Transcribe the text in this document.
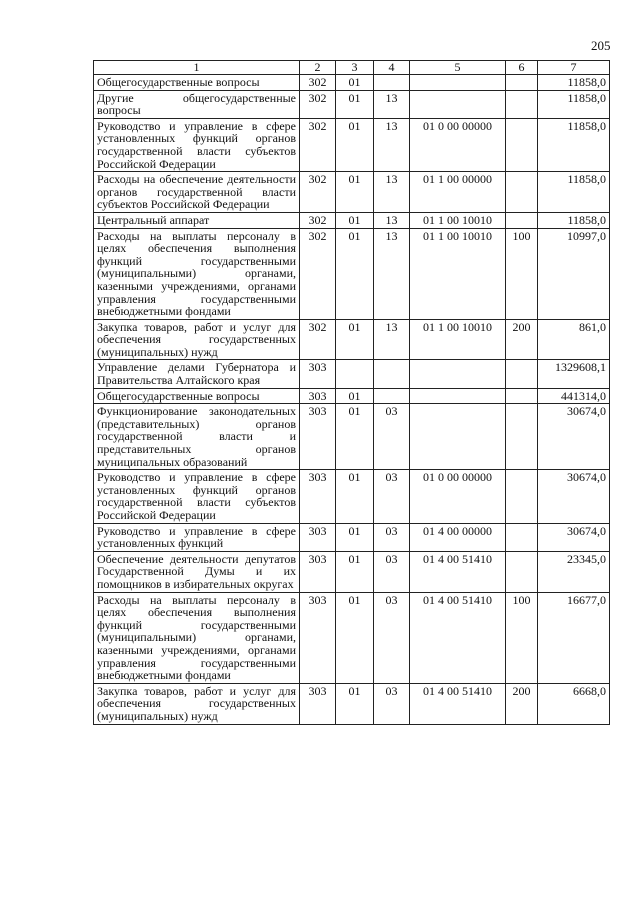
205
1	2	3	4	5	6	7
Общегосударственные вопросы	302	01				11858,0
Другие общегосударственные вопросы	302	01	13			11858,0
Руководство и управление в сфере установленных функций органов государственной власти субъектов Российской Федерации	302	01	13	01 0 00 00000		11858,0
Расходы на обеспечение деятельности органов государственной власти субъектов Российской Федерации	302	01	13	01 1 00 00000		11858,0
Центральный аппарат	302	01	13	01 1 00 10010		11858,0
Расходы на выплаты персоналу в целях обеспечения выполнения функций государственными (муниципальными) органами, казенными учреждениями, органами управления государственными внебюджетными фондами	302	01	13	01 1 00 10010	100	10997,0
Закупка товаров, работ и услуг для обеспечения государственных (муниципальных) нужд	302	01	13	01 1 00 10010	200	861,0
Управление делами Губернатора и Правительства Алтайского края	303					1329608,1
Общегосударственные вопросы	303	01				441314,0
Функционирование законодательных (представительных) органов государственной власти и представительных органов муниципальных образований	303	01	03			30674,0
Руководство и управление в сфере установленных функций органов государственной власти субъектов Российской Федерации	303	01	03	01 0 00 00000		30674,0
Руководство и управление в сфере установленных функций	303	01	03	01 4 00 00000		30674,0
Обеспечение деятельности депутатов Государственной Думы и их помощников в избирательных округах	303	01	03	01 4 00 51410		23345,0
Расходы на выплаты персоналу в целях обеспечения выполнения функций государственными (муниципальными) органами, казенными учреждениями, органами управления государственными внебюджетными фондами	303	01	03	01 4 00 51410	100	16677,0
Закупка товаров, работ и услуг для обеспечения государственных (муниципальных) нужд	303	01	03	01 4 00 51410	200	6668,0
